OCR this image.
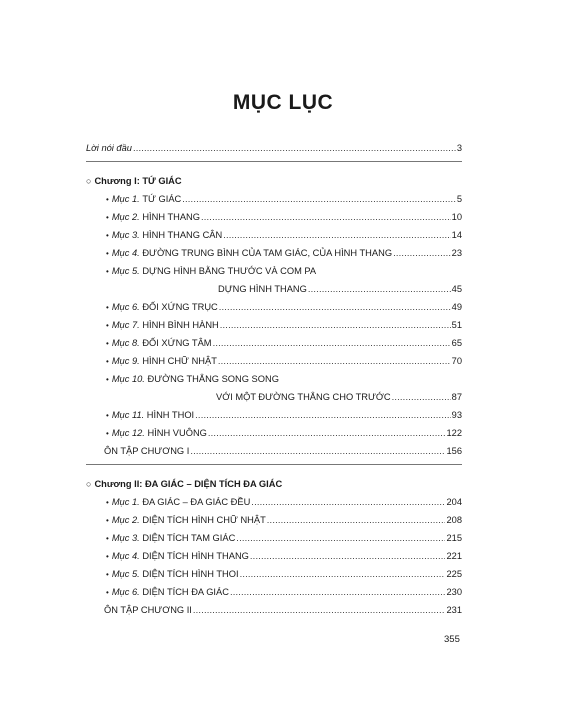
MỤC LỤC
Lời nói đầu . . .	3
○ Chương I: TỨ GIÁC
• Mục 1.
TỨ GIÁC . . .	5
• Mục 2.
HÌNH THANG . . .	10
• Mục 3.
HÌNH THANG CÂN . . .	14
• Mục 4.
ĐƯỜNG TRUNG BÌNH CỦA TAM GIÁC, CỦA HÌNH THANG . . .	23
• Mục 5.
DỰNG HÌNH BẰNG THƯỚC VÀ COM PA
DỰNG HÌNH THANG . . .	45
• Mục 6.
ĐỐI XỨNG TRỤC . . .	49
• Mục 7.
HÌNH BÌNH HÀNH . . .	51
• Mục 8.
ĐỐI XỨNG TÂM . . .	65
• Mục 9.
HÌNH CHỮ NHẬT . . .	70
• Mục 10.
ĐƯỜNG THẲNG SONG SONG
VỚI MỘT ĐƯỜNG THẲNG CHO TRƯỚC . . .	87
• Mục 11.
HÌNH THOI . . .	93
• Mục 12.
HÌNH VUÔNG . . .	122
ÔN TẬP CHƯƠNG I . . .	156
○ Chương II: ĐA GIÁC – DIỆN TÍCH ĐA GIÁC
• Mục 1.
ĐA GIÁC – ĐA GIÁC ĐỀU . . .	204
• Mục 2.
DIỆN TÍCH HÌNH CHỮ NHẬT . . .	208
• Mục 3.
DIỆN TÍCH TAM GIÁC . . .	215
• Mục 4.
DIỆN TÍCH HÌNH THANG . . .	221
• Mục 5.
DIỆN TÍCH HÌNH THOI . . .	225
• Mục 6.
DIỆN TÍCH ĐA GIÁC . . .	230
ÔN TẬP CHƯƠNG II . . .	231
355
